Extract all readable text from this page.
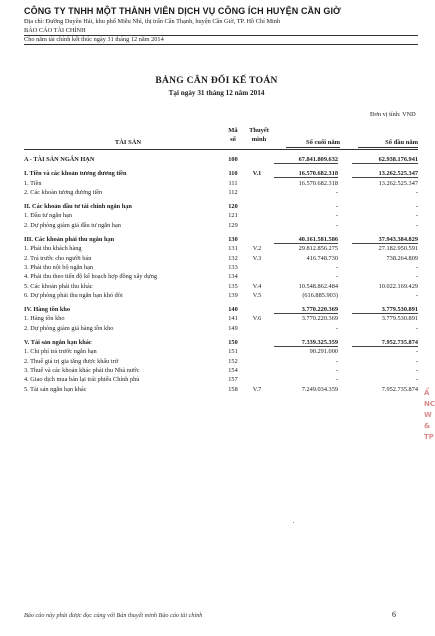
CÔNG TY TNHH MỘT THÀNH VIÊN DỊCH VỤ CÔNG ÍCH HUYỆN CẦN GIỜ
Địa chỉ: Đường Duyên Hải, khu phố Miễu Nhì, thị trấn Cần Thạnh, huyện Cần Giờ, TP. Hồ Chí Minh
BÁO CÁO TÀI CHÍNH
Cho năm tài chính kết thúc ngày 31 tháng 12 năm 2014
BẢNG CÂN ĐỐI KẾ TOÁN
Tại ngày 31 tháng 12 năm 2014
Đơn vị tính: VND
TÀI SẢN
Mã
số
Thuyết
minh	Số cuối năm	Số đầu năm
A - TÀI SẢN NGẮN HẠN	100	67.841.809.632	62.938.176.941
I. Tiền và các khoản tương đương tiền	110	V.1	16.570.682.318	13.262.525.347
1. Tiền	111	16.570.682.318	13.262.525.347
2. Các khoản tương đương tiền	112	-	-
II. Các khoản đầu tư tài chính ngắn hạn	120	-	-
1. Đầu tư ngắn hạn	121	-	-
2. Dự phòng giảm giá đầu tư ngắn hạn	129	-	-
III. Các khoản phải thu ngắn hạn	130	40.161.581.586	37.943.384.829
1. Phải thu khách hàng	131	V.2	29.812.856.275	27.182.950.591
2. Trả trước cho người bán	132	V.3	416.748.730	738.264.809
3. Phải thu nội bộ ngắn hạn	133	-	-
4. Phải thu theo tiến độ kế hoạch hợp đồng xây dựng	134	-	-
5. Các khoản phải thu khác	135	V.4	10.548.862.484	10.022.169.429
6. Dự phòng phải thu ngắn hạn khó đòi	139	V.5	(616.885.903)	-
IV. Hàng tồn kho	140	3.770.220.369	3.779.530.891
1. Hàng tồn kho	141	V.6	3.770.220.369	3.779.530.891
2. Dự phòng giảm giá hàng tồn kho	149	-	-
V. Tài sản ngắn hạn khác	150	7.339.325.359	7.952.735.874
1. Chi phí trả trước ngắn hạn	151	90.291.000	-
2. Thuế giá trị gia tăng được khấu trừ	152	-	-
3. Thuế và các khoản khác phải thu Nhà nước	154	-	-
4. Giao dịch mua bán lại trái phiếu Chính phủ	157	-	-
5. Tài sản ngắn hạn khác	158	V.7	7.249.034.359	7.952.735.874 Ẩ
NC
W
&
TP
Báo cáo này phải được đọc cùng với Bản thuyết minh Báo cáo tài chính	6
